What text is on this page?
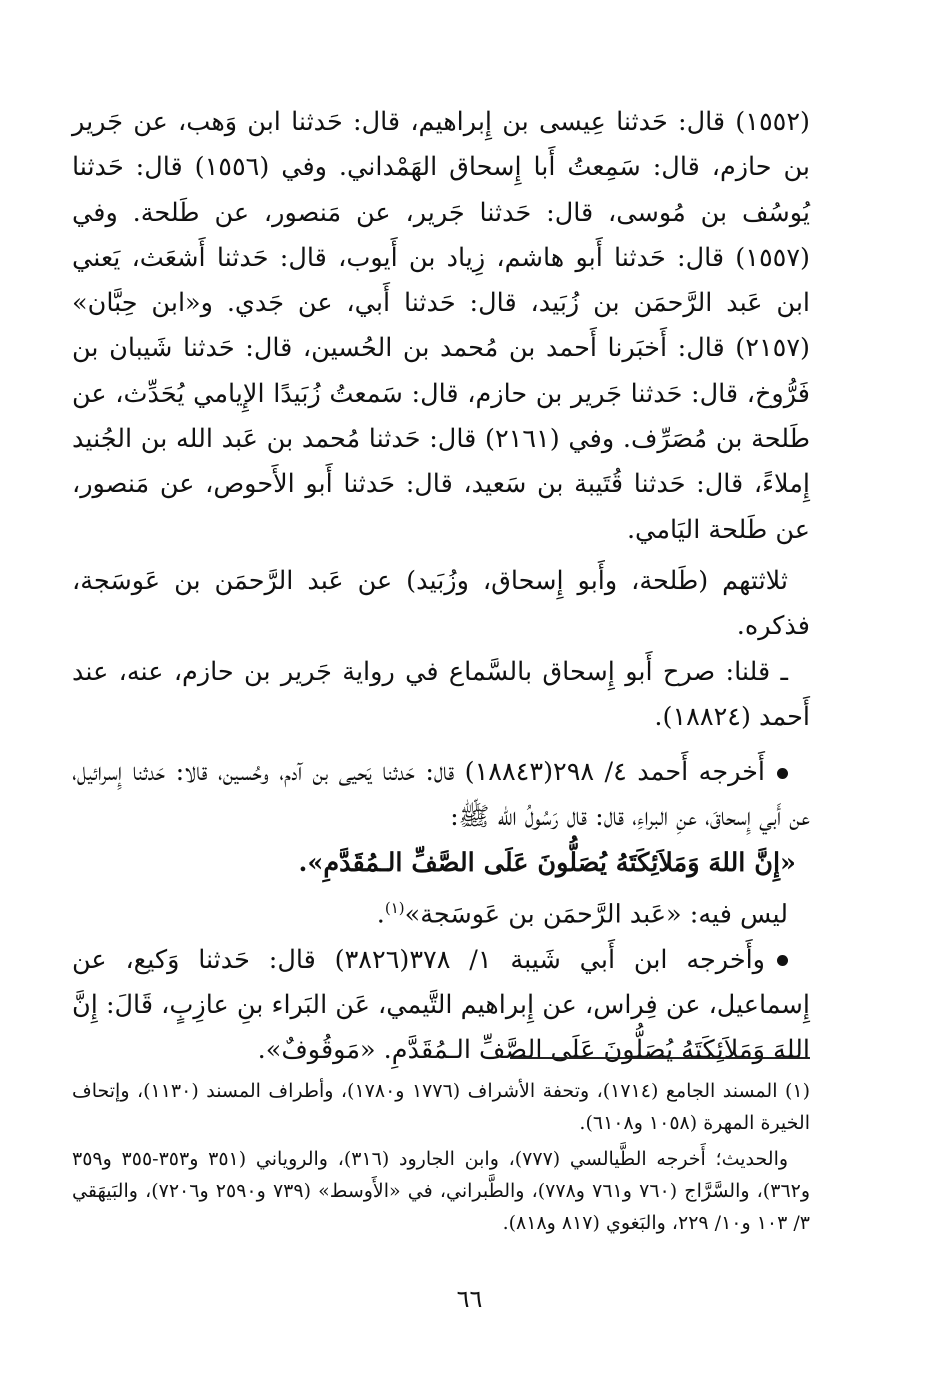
(١٥٥٢) قال: حَدثنا عِيسى بن إِبراهيم، قال: حَدثنا ابن وَهب، عن جَرير بن حازم، قال: سَمِعتُ أَبا إِسحاق الهَمْداني. وفي (١٥٥٦) قال: حَدثنا يُوسُف بن مُوسى، قال: حَدثنا جَرير، عن مَنصور، عن طَلحة. وفي (١٥٥٧) قال: حَدثنا أَبو هاشم، زِياد بن أَيوب، قال: حَدثنا أَشعَث، يَعني ابن عَبد الرَّحمَن بن زُبَيد، قال: حَدثنا أَبي، عن جَدي. و«ابن حِبَّان» (٢١٥٧) قال: أَخبَرنا أَحمد بن مُحمد بن الحُسين، قال: حَدثنا شَيبان بن فَرُّوخ، قال: حَدثنا جَرير بن حازم، قال: سَمعتُ زُبَيدًا الإِيامي يُحَدِّث، عن طَلحة بن مُصَرِّف. وفي (٢١٦١) قال: حَدثنا مُحمد بن عَبد الله بن الجُنيد إِملاءً، قال: حَدثنا قُتَيبة بن سَعيد، قال: حَدثنا أَبو الأَحوص، عن مَنصور، عن طَلحة اليَامي.

ثلاثتهم (طَلحة، وأَبو إِسحاق، وزُبَيد) عن عَبد الرَّحمَن بن عَوسَجة، فذكره.

ـ قلنا: صرح أَبو إِسحاق بالسَّماع في رواية جَرير بن حازم، عنه، عند أَحمد (١٨٨٢٤).

أَخرجه أَحمد ٤/ ٢٩٨(١٨٨٤٣) قال: حَدثنا يَحيى بن آدم، وحُسين، قالا: حَدثنا إِسرائيل، عن أَبي إِسحاقَ، عنِ البراءِ، قال: قال رَسُولُ الله ﷺ:

«إِنَّ اللهَ وَمَلاَئِكَتَهُ يُصَلُّونَ عَلَى الصَّفِّ الـمُقَدَّمِ».

ليس فيه: «عَبد الرَّحمَن بن عَوسَجة»$^{(١)}$.

وأَخرجه ابن أَبي شَيبة ١/ ٣٧٨(٣٨٢٦) قال: حَدثنا وَكيع، عن إِسماعيل، عن فِراس، عن إِبراهيم التَّيمي، عَن البَراء بنِ عازِبٍ، قَالَ: إِنَّ اللهَ وَمَلاَئِكَتَهُ يُصَلُّونَ عَلَى الصَّفِّ الـمُقَدَّمِ. «مَوقُوفٌ».

(١) المسند الجامع (١٧١٤)، وتحفة الأشراف (١٧٧٦ و١٧٨٠)، وأطراف المسند (١١٣٠)، وإتحاف الخيرة المهرة (١٠٥٨ و٦١٠٨).

والحديث؛ أَخرجه الطَّيالسي (٧٧٧)، وابن الجارود (٣١٦)، والروياني (٣٥١ و٣٥٣-٣٥٥ و٣٥٩ و٣٦٢)، والسَّرَّاج (٧٦٠ و٧٦١ و٧٧٨)، والطَّبراني، في «الأَوسط» (٧٣٩ و٢٥٩٠ و٧٢٠٦)، والبَيهَقي ٣/ ١٠٣ و١٠/ ٢٢٩، والبَغوي (٨١٧ و٨١٨).

٦٦
